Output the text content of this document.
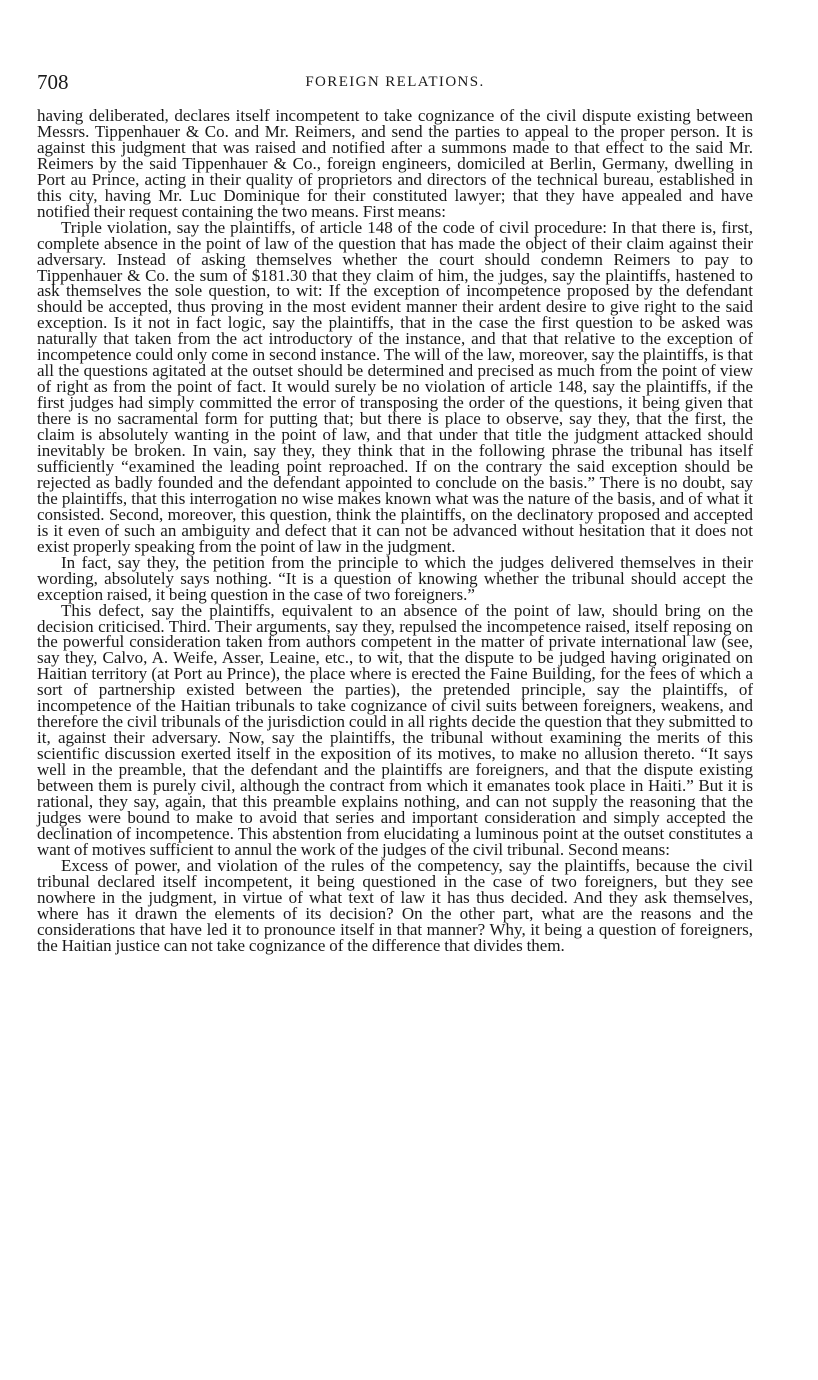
708	FOREIGN RELATIONS.

having deliberated, declares itself incompetent to take cognizance of the civil dispute existing between Messrs. Tippenhauer & Co. and Mr. Reimers, and send the parties to appeal to the proper person. It is against this judgment that was raised and notified after a summons made to that effect to the said Mr. Reimers by the said Tippenhauer & Co., foreign engineers, domiciled at Berlin, Germany, dwelling in Port au Prince, acting in their quality of proprietors and directors of the technical bureau, established in this city, having Mr. Luc Dominique for their constituted lawyer; that they have appealed and have notified their request containing the two means. First means:

Triple violation, say the plaintiffs, of article 148 of the code of civil procedure: In that there is, first, complete absence in the point of law of the question that has made the object of their claim against their adversary. Instead of asking themselves whether the court should condemn Reimers to pay to Tippenhauer & Co. the sum of $181.30 that they claim of him, the judges, say the plaintiffs, hastened to ask themselves the sole question, to wit: If the exception of incompetence proposed by the defendant should be accepted, thus proving in the most evident manner their ardent desire to give right to the said exception. Is it not in fact logic, say the plaintiffs, that in the case the first question to be asked was naturally that taken from the act introductory of the instance, and that that relative to the exception of incompetence could only come in second instance. The will of the law, moreover, say the plaintiffs, is that all the questions agitated at the outset should be determined and precised as much from the point of view of right as from the point of fact. It would surely be no violation of article 148, say the plaintiffs, if the first judges had simply committed the error of transposing the order of the questions, it being given that there is no sacramental form for putting that; but there is place to observe, say they, that the first, the claim is absolutely wanting in the point of law, and that under that title the judgment attacked should inevitably be broken. In vain, say they, they think that in the following phrase the tribunal has itself sufficiently “examined the leading point reproached. If on the contrary the said exception should be rejected as badly founded and the defendant appointed to conclude on the basis.” There is no doubt, say the plaintiffs, that this interrogation no wise makes known what was the nature of the basis, and of what it consisted. Second, moreover, this question, think the plaintiffs, on the declinatory proposed and accepted is it even of such an ambiguity and defect that it can not be advanced without hesitation that it does not exist properly speaking from the point of law in the judgment.

In fact, say they, the petition from the principle to which the judges delivered themselves in their wording, absolutely says nothing. “It is a question of knowing whether the tribunal should accept the exception raised, it being question in the case of two foreigners.”

This defect, say the plaintiffs, equivalent to an absence of the point of law, should bring on the decision criticised. Third. Their arguments, say they, repulsed the incompetence raised, itself reposing on the powerful consideration taken from authors competent in the matter of private international law (see, say they, Calvo, A. Weife, Asser, Leaine, etc., to wit, that the dispute to be judged having originated on Haitian territory (at Port au Prince), the place where is erected the Faine Building, for the fees of which a sort of partnership existed between the parties), the pretended principle, say the plaintiffs, of incompetence of the Haitian tribunals to take cognizance of civil suits between foreigners, weakens, and therefore the civil tribunals of the jurisdiction could in all rights decide the question that they submitted to it, against their adversary. Now, say the plaintiffs, the tribunal without examining the merits of this scientific discussion exerted itself in the exposition of its motives, to make no allusion thereto. “It says well in the preamble, that the defendant and the plaintiffs are foreigners, and that the dispute existing between them is purely civil, although the contract from which it emanates took place in Haiti.” But it is rational, they say, again, that this preamble explains nothing, and can not supply the reasoning that the judges were bound to make to avoid that series and important consideration and simply accepted the declination of incompetence. This abstention from elucidating a luminous point at the outset constitutes a want of motives sufficient to annul the work of the judges of the civil tribunal. Second means:

Excess of power, and violation of the rules of the competency, say the plaintiffs, because the civil tribunal declared itself incompetent, it being questioned in the case of two foreigners, but they see nowhere in the judgment, in virtue of what text of law it has thus decided. And they ask themselves, where has it drawn the elements of its decision? On the other part, what are the reasons and the considerations that have led it to pronounce itself in that manner? Why, it being a question of foreigners, the Haitian justice can not take cognizance of the difference that divides them.
